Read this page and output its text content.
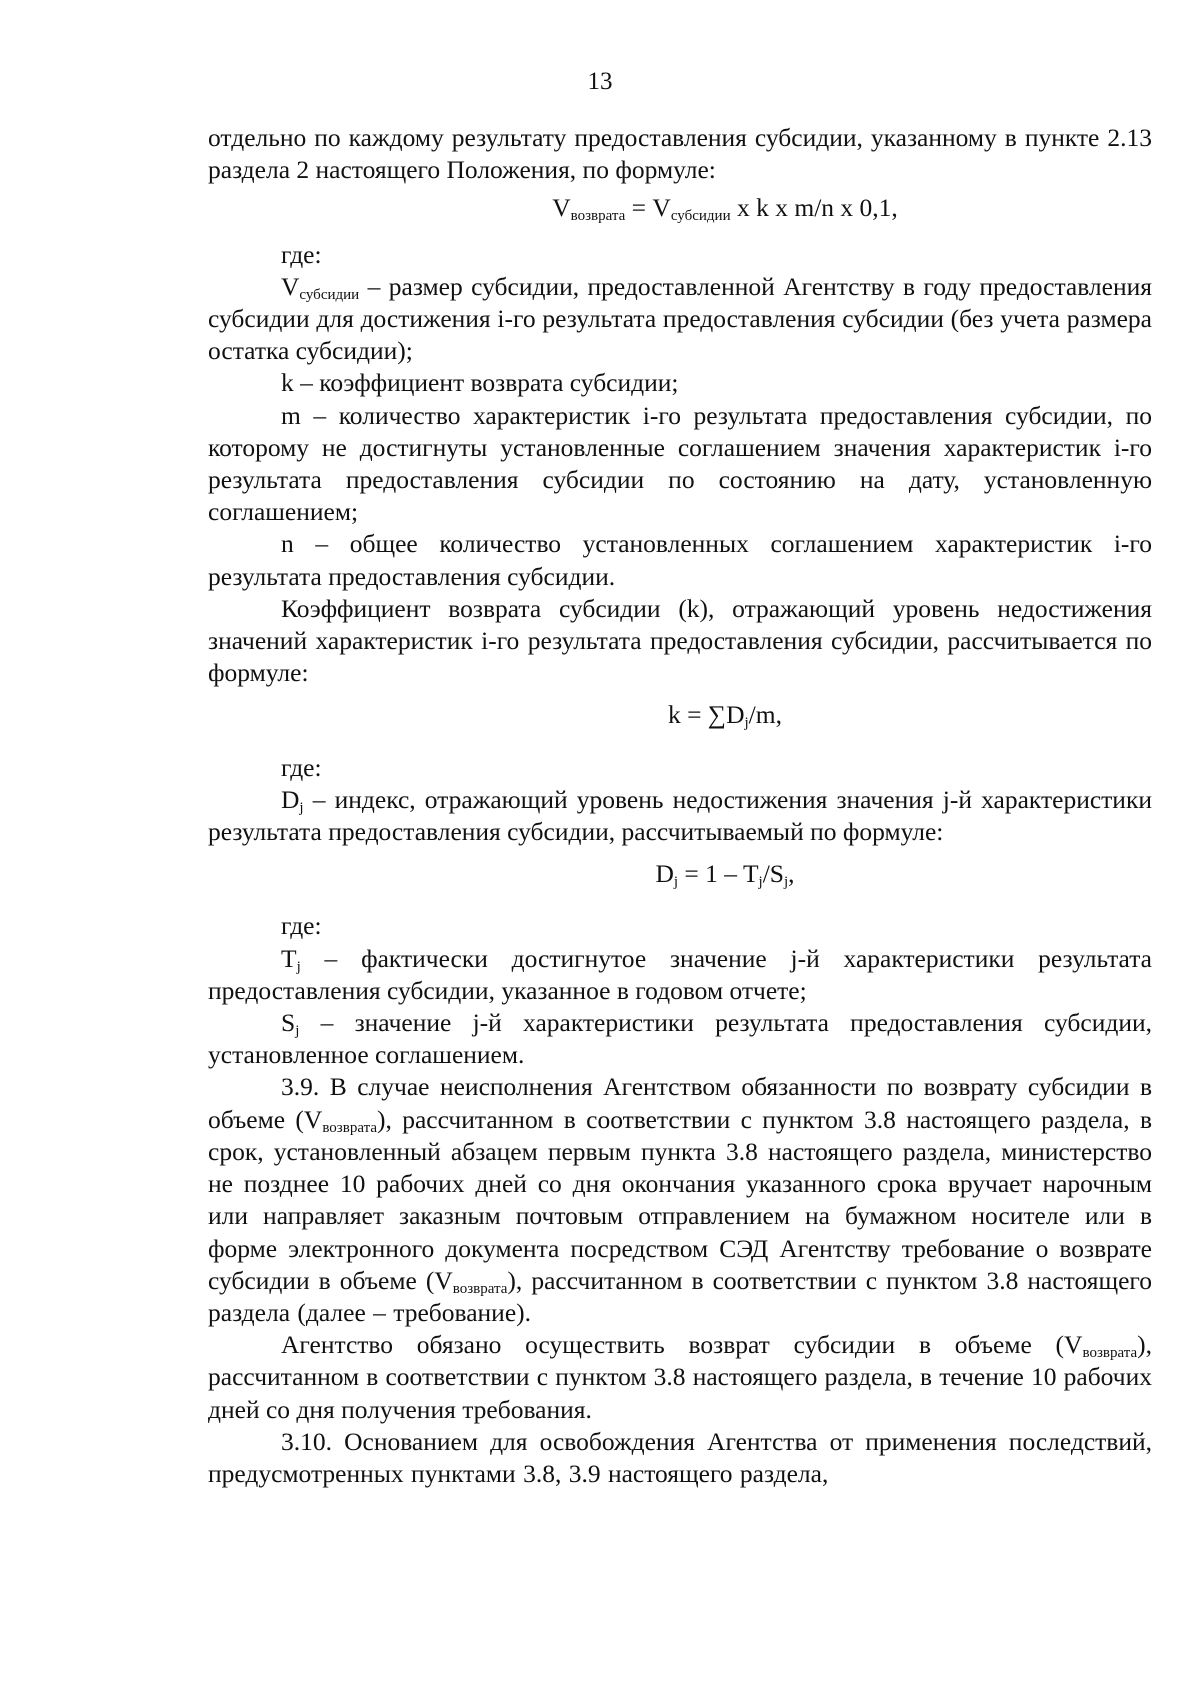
13

отдельно по каждому результату предоставления субсидии, указанному в пункте 2.13 раздела 2 настоящего Положения, по формуле:

$V_{возврата} = V_{субсидии}$ x k x m/n x 0,1,

где:

$V_{субсидии}$ – размер субсидии, предоставленной Агентству в году предоставления субсидии для достижения i-го результата предоставления субсидии (без учета размера остатка субсидии);

k – коэффициент возврата субсидии;

m – количество характеристик i-го результата предоставления субсидии, по которому не достигнуты установленные соглашением значения характеристик i-го результата предоставления субсидии по состоянию на дату, установленную соглашением;

n – общее количество установленных соглашением характеристик i-го результата предоставления субсидии.

Коэффициент возврата субсидии (k), отражающий уровень недостижения значений характеристик i-го результата предоставления субсидии, рассчитывается по формуле:

$k = \sum D_j/m$,

где:

$D_j$ – индекс, отражающий уровень недостижения значения j-й характеристики результата предоставления субсидии, рассчитываемый по формуле:

$D_j = 1 - T_j/S_j$,

где:

$T_j$ – фактически достигнутое значение j-й характеристики результата предоставления субсидии, указанное в годовом отчете;

$S_j$ – значение j-й характеристики результата предоставления субсидии, установленное соглашением.

3.9. В случае неисполнения Агентством обязанности по возврату субсидии в объеме $(V_{возврата})$, рассчитанном в соответствии с пунктом 3.8 настоящего раздела, в срок, установленный абзацем первым пункта 3.8 настоящего раздела, министерство не позднее 10 рабочих дней со дня окончания указанного срока вручает нарочным или направляет заказным почтовым отправлением на бумажном носителе или в форме электронного документа посредством СЭД Агентству требование о возврате субсидии в объеме $(V_{возврата})$, рассчитанном в соответствии с пунктом 3.8 настоящего раздела (далее – требование).

Агентство обязано осуществить возврат субсидии в объеме $(V_{возврата})$, рассчитанном в соответствии с пунктом 3.8 настоящего раздела, в течение 10 рабочих дней со дня получения требования.

3.10. Основанием для освобождения Агентства от применения последствий, предусмотренных пунктами 3.8, 3.9 настоящего раздела,
